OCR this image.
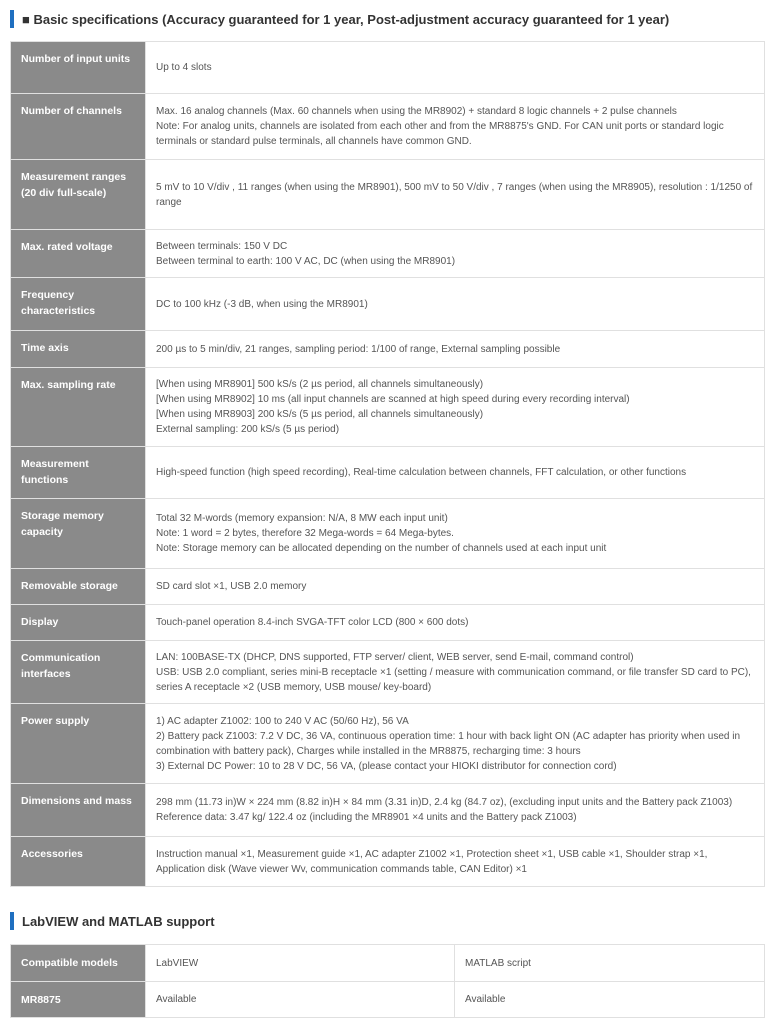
■ Basic specifications (Accuracy guaranteed for 1 year, Post-adjustment accuracy guaranteed for 1 year)
Number of input units	Up to 4 slots

Number of channels	Max. 16 analog channels (Max. 60 channels when using the MR8902) + standard 8 logic channels + 2 pulse channels
Note: For analog units, channels are isolated from each other and from the MR8875's GND. For CAN unit ports or standard logic terminals or standard pulse terminals, all channels have common GND.

Measurement ranges (20 div full-scale)	5 mV to 10 V/div , 11 ranges (when using the MR8901), 500 mV to 50 V/div , 7 ranges (when using the MR8905), resolution : 1/1250 of range

Max. rated voltage	Between terminals: 150 V DC
Between terminal to earth: 100 V AC, DC (when using the MR8901)

Frequency characteristics	DC to 100 kHz (-3 dB, when using the MR8901)

Time axis	200 µs to 5 min/div, 21 ranges, sampling period: 1/100 of range, External sampling possible

Max. sampling rate	[When using MR8901] 500 kS/s (2 µs period, all channels simultaneously)
[When using MR8902] 10 ms (all input channels are scanned at high speed during every recording interval)
[When using MR8903] 200 kS/s (5 µs period, all channels simultaneously)
External sampling: 200 kS/s (5 µs period)

Measurement functions	High-speed function (high speed recording), Real-time calculation between channels, FFT calculation, or other functions

Storage memory capacity	Total 32 M-words (memory expansion: N/A, 8 MW each input unit)
Note: 1 word = 2 bytes, therefore 32 Mega-words = 64 Mega-bytes.
Note: Storage memory can be allocated depending on the number of channels used at each input unit

Removable storage	SD card slot ×1, USB 2.0 memory

Display	Touch-panel operation 8.4-inch SVGA-TFT color LCD (800 × 600 dots)

Communication interfaces	LAN: 100BASE-TX (DHCP, DNS supported, FTP server/ client, WEB server, send E-mail, command control)
USB: USB 2.0 compliant, series mini-B receptacle ×1 (setting / measure with communication command, or file transfer SD card to PC), series A receptacle ×2 (USB memory, USB mouse/ key-board)

Power supply	1) AC adapter Z1002: 100 to 240 V AC (50/60 Hz), 56 VA
2) Battery pack Z1003: 7.2 V DC, 36 VA, continuous operation time: 1 hour with back light ON (AC adapter has priority when used in combination with battery pack), Charges while installed in the MR8875, recharging time: 3 hours
3) External DC Power: 10 to 28 V DC, 56 VA, (please contact your HIOKI distributor for connection cord)

Dimensions and mass	298 mm (11.73 in)W × 224 mm (8.82 in)H × 84 mm (3.31 in)D, 2.4 kg (84.7 oz), (excluding input units and the Battery pack Z1003)
Reference data: 3.47 kg/ 122.4 oz (including the MR8901 ×4 units and the Battery pack Z1003)

Accessories	Instruction manual ×1, Measurement guide ×1, AC adapter Z1002 ×1, Protection sheet ×1, USB cable ×1, Shoulder strap ×1, Application disk (Wave viewer Wv, communication commands table, CAN Editor) ×1
LabVIEW and MATLAB support
Compatible models	LabVIEW	MATLAB script
MR8875	Available	Available
